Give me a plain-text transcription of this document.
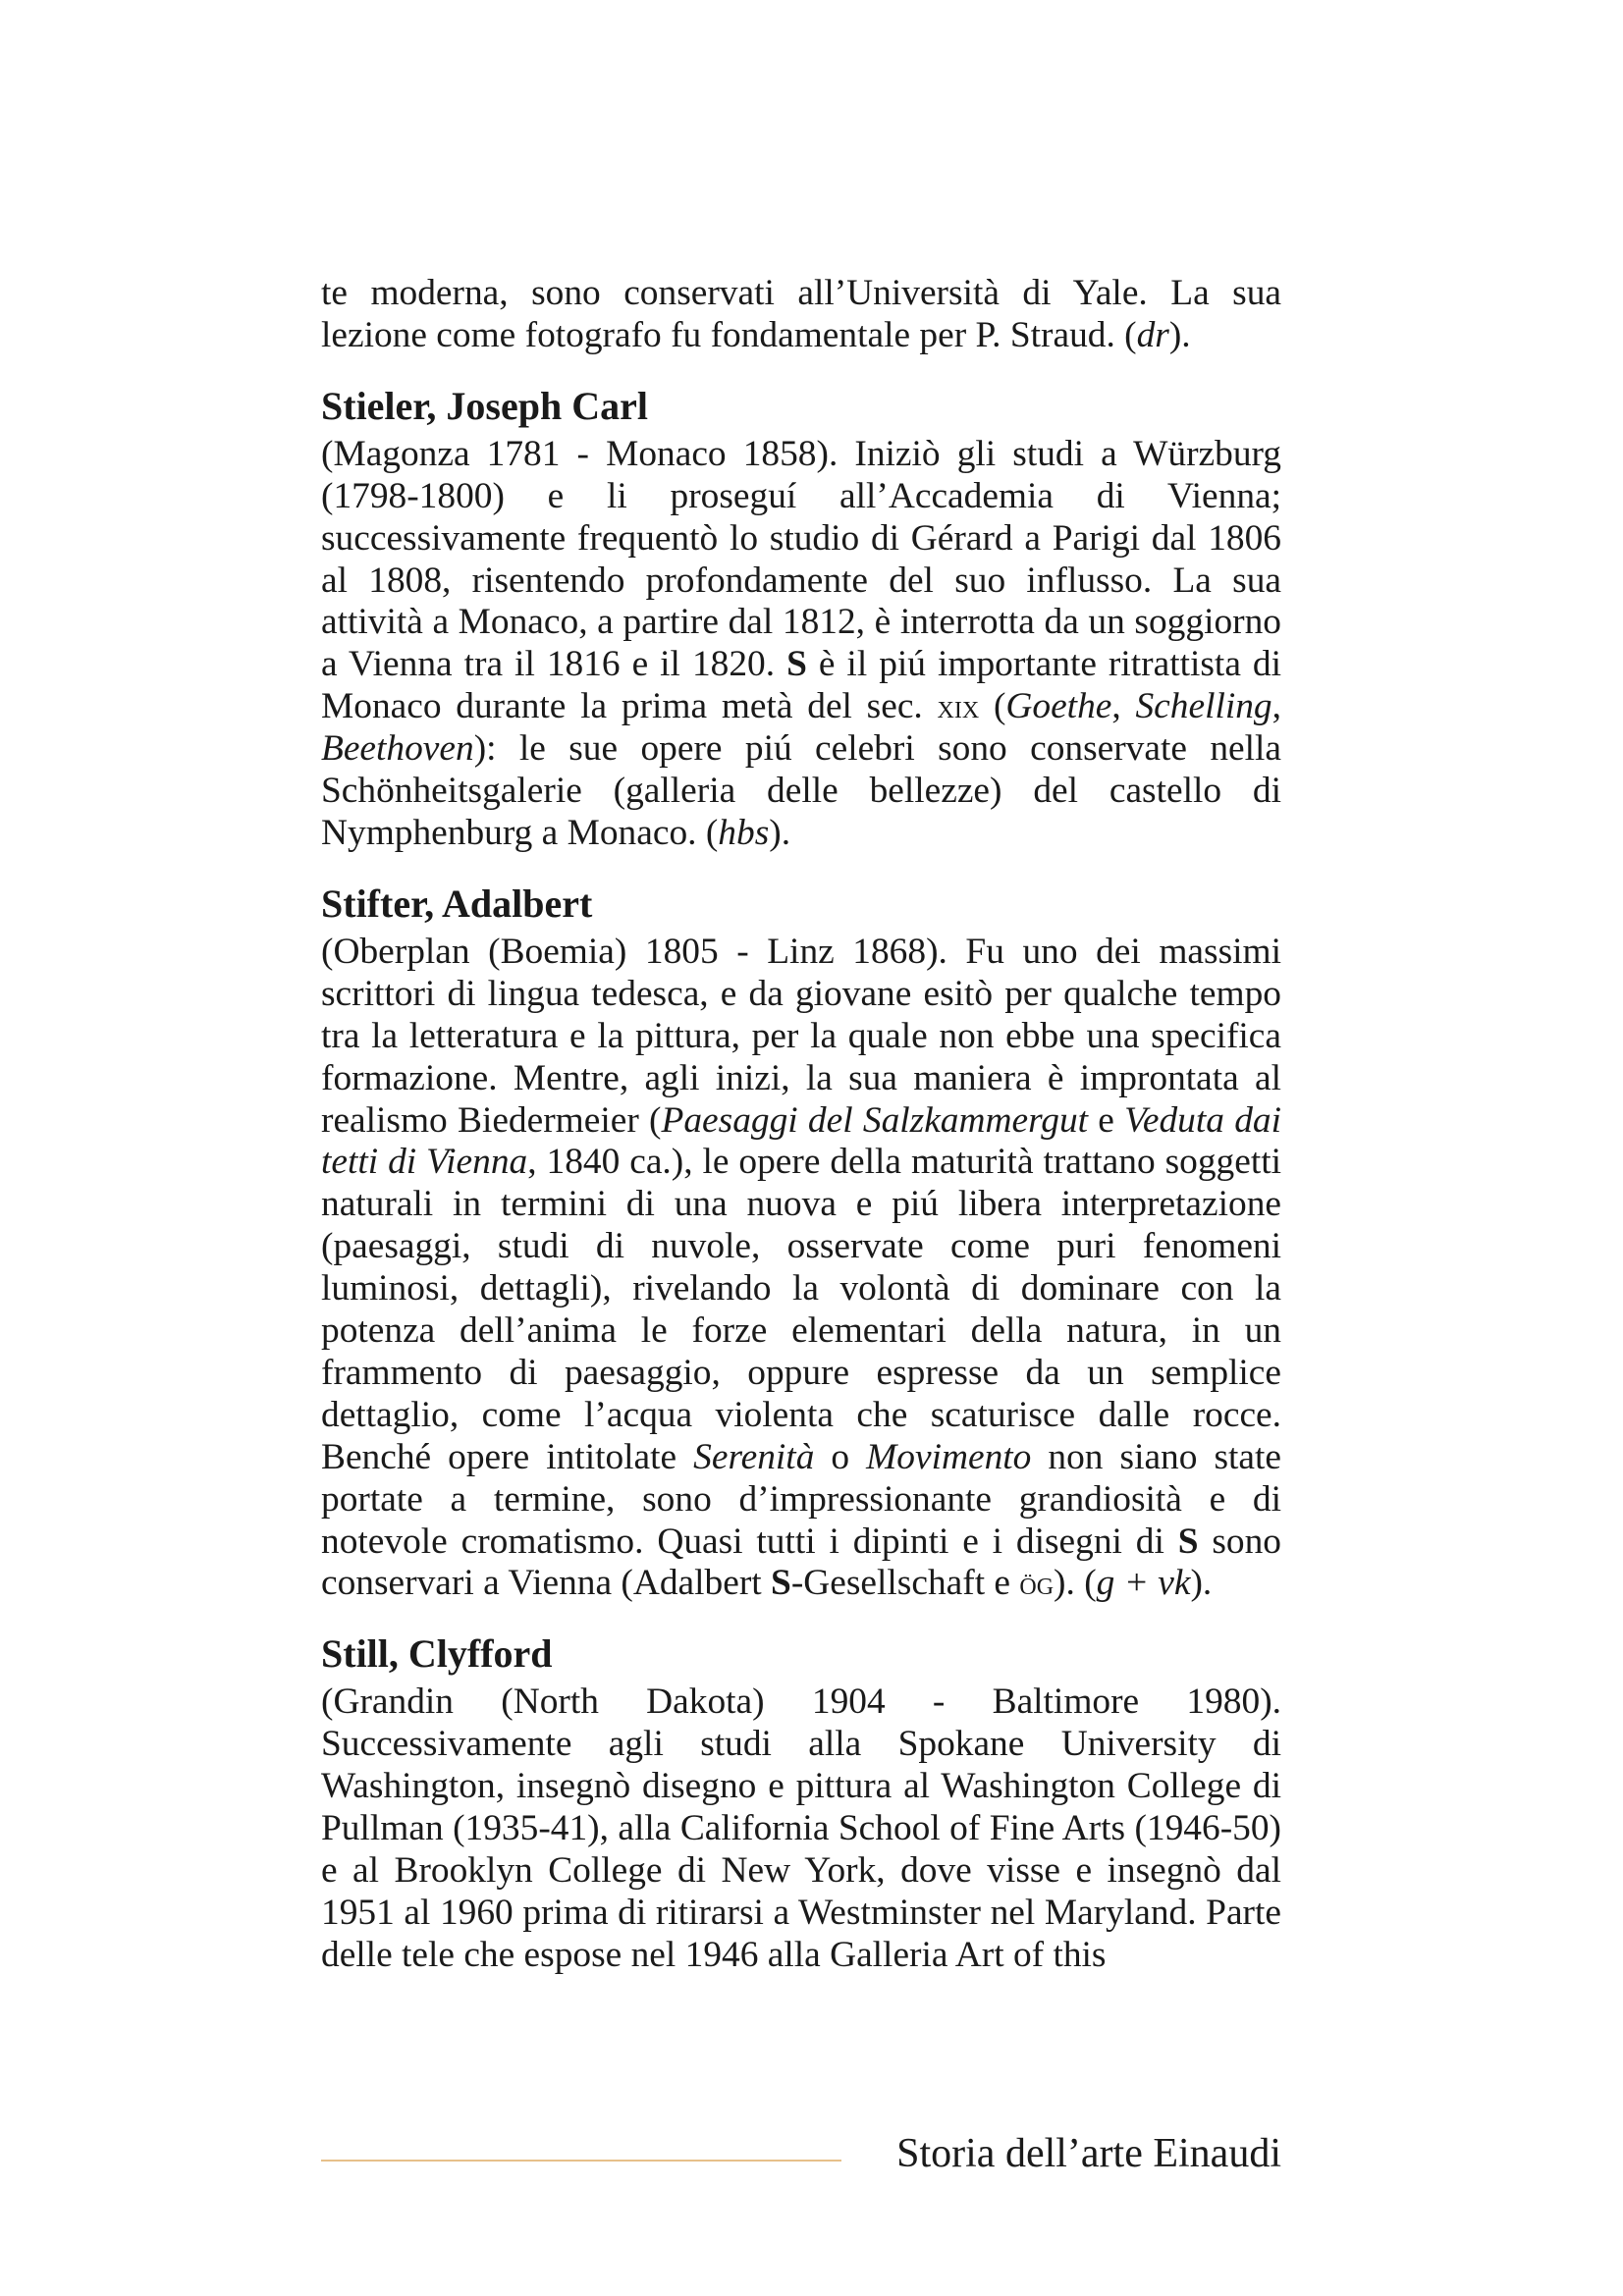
te moderna, sono conservati all’Università di Yale. La sua lezione come fotografo fu fondamentale per P. Straud. (dr).

Stieler, Joseph Carl

(Magonza 1781 - Monaco 1858). Iniziò gli studi a Würzburg (1798-1800) e li proseguí all’Accademia di Vienna; successivamente frequentò lo studio di Gérard a Parigi dal 1806 al 1808, risentendo profondamente del suo influsso. La sua attività a Monaco, a partire dal 1812, è interrotta da un soggiorno a Vienna tra il 1816 e il 1820. S è il piú importante ritrattista di Monaco durante la prima metà del sec. xix (Goethe, Schelling, Beethoven): le sue opere piú celebri sono conservate nella Schönheitsgalerie (galleria delle bellezze) del castello di Nymphenburg a Monaco. (hbs).

Stifter, Adalbert

(Oberplan (Boemia) 1805 - Linz 1868). Fu uno dei massimi scrittori di lingua tedesca, e da giovane esitò per qualche tempo tra la letteratura e la pittura, per la quale non ebbe una specifica formazione. Mentre, agli inizi, la sua maniera è improntata al realismo Biedermeier (Paesaggi del Salzkammergut e Veduta dai tetti di Vienna, 1840 ca.), le opere della maturità trattano soggetti naturali in termini di una nuova e piú libera interpretazione (paesaggi, studi di nuvole, osservate come puri fenomeni luminosi, dettagli), rivelando la volontà di dominare con la potenza dell’anima le forze elementari della natura, in un frammento di paesaggio, oppure espresse da un semplice dettaglio, come l’acqua violenta che scaturisce dalle rocce. Benché opere intitolate Serenità o Movimento non siano state portate a termine, sono d’impressionante grandiosità e di notevole cromatismo. Quasi tutti i dipinti e i disegni di S sono conservari a Vienna (Adalbert S-Gesellschaft e ög). (g + vk).

Still, Clyfford

(Grandin (North Dakota) 1904 - Baltimore 1980). Successivamente agli studi alla Spokane University di Washington, insegnò disegno e pittura al Washington College di Pullman (1935-41), alla California School of Fine Arts (1946-50) e al Brooklyn College di New York, dove visse e insegnò dal 1951 al 1960 prima di ritirarsi a Westminster nel Maryland. Parte delle tele che espose nel 1946 alla Galleria Art of this

Storia dell’arte Einaudi
